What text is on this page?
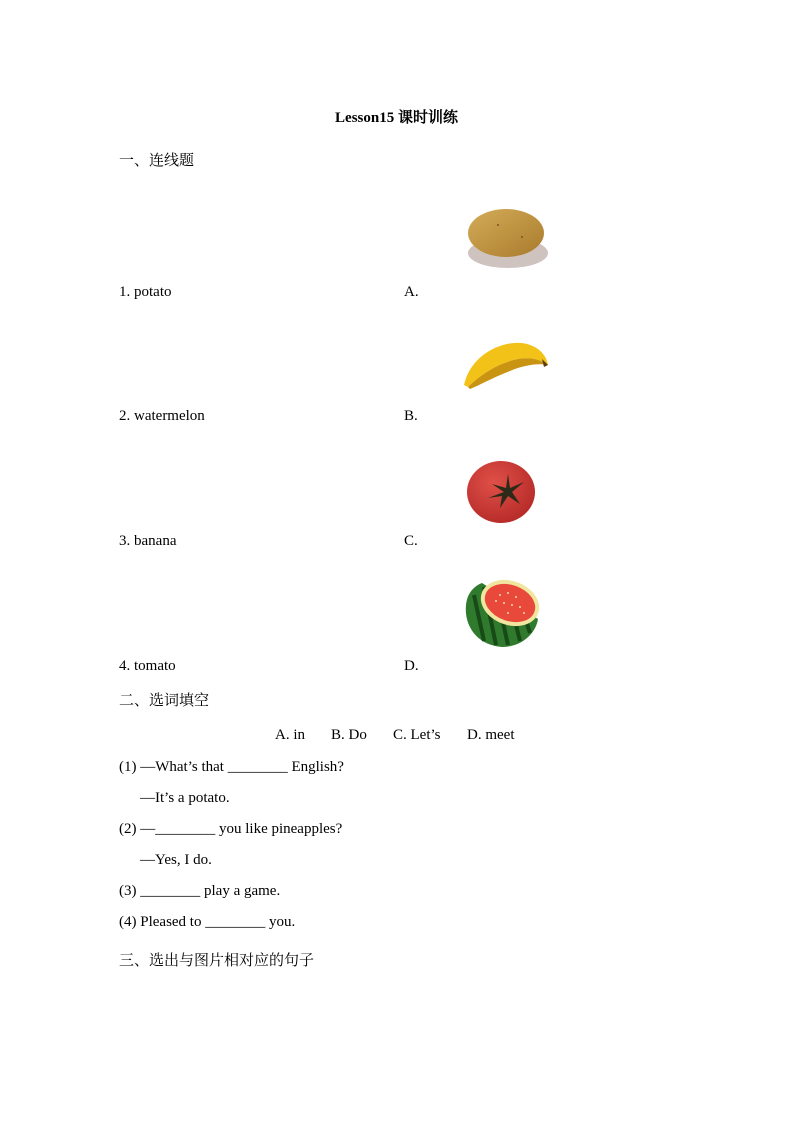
Lesson15 课时训练
一、连线题
1. potato
2. watermelon
3. banana
4. tomato
A.
B.
C.
D.
二、选词填空
A. in B. Do C. Let’s D. meet
(1) —What’s that ________ English?
—It’s a potato.
(2) —________ you like pineapples?
—Yes, I do.
(3) ________ play a game.
(4) Pleased to ________ you.
三、选出与图片相对应的句子
